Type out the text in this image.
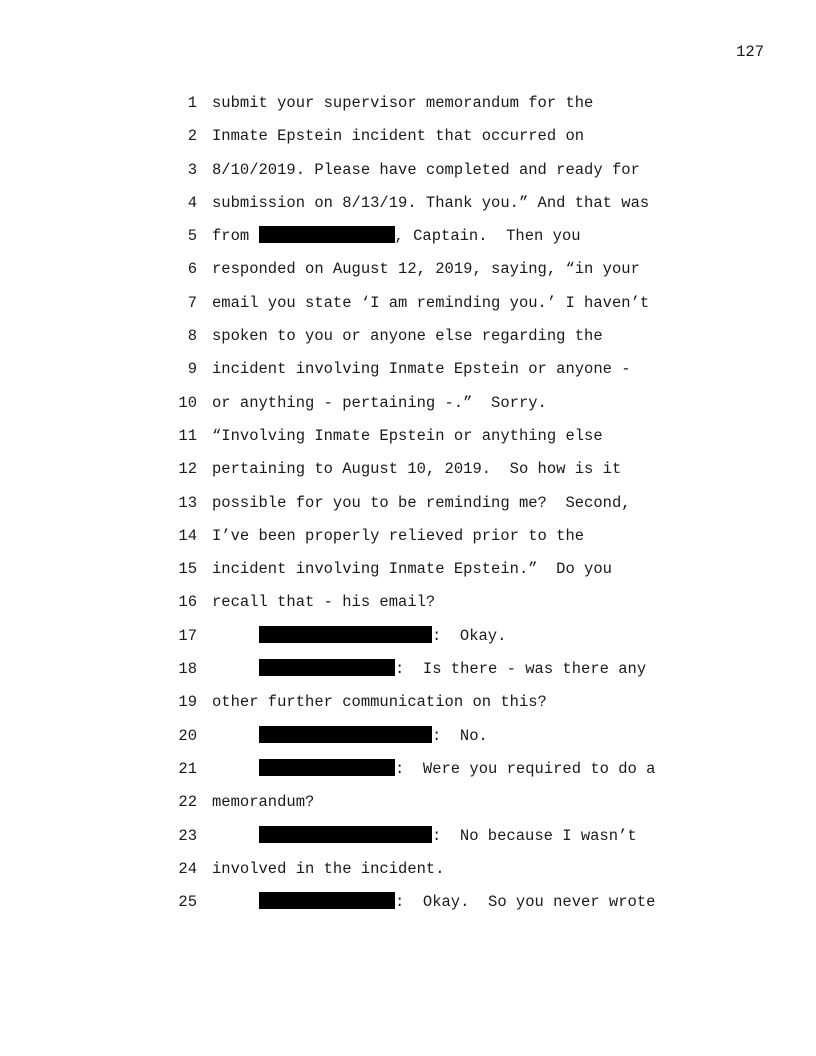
127

1

submit your supervisor memorandum for the

2

Inmate Epstein incident that occurred on

3

8/10/2019. Please have completed and ready for

4

submission on 8/13/19. Thank you.” And that was

5

from	, Captain.  Then you

6

responded on August 12, 2019, saying, “in your

7

email you state ‘I am reminding you.’ I haven’t

8

spoken to you or anyone else regarding the

9

incident involving Inmate Epstein or anyone -

10

or anything - pertaining -.”  Sorry.

11

“Involving Inmate Epstein or anything else

12

pertaining to August 10, 2019.  So how is it

13

possible for you to be reminding me?  Second,

14

I’ve been properly relieved prior to the

15

incident involving Inmate Epstein.”  Do you

16

recall that - his email?

17

	:  Okay.

18

	:  Is there - was there any

19

other further communication on this?

20

	:  No.

21

	:  Were you required to do a

22

memorandum?

23

	:  No because I wasn’t

24

involved in the incident.

25

	:  Okay.  So you never wrote
